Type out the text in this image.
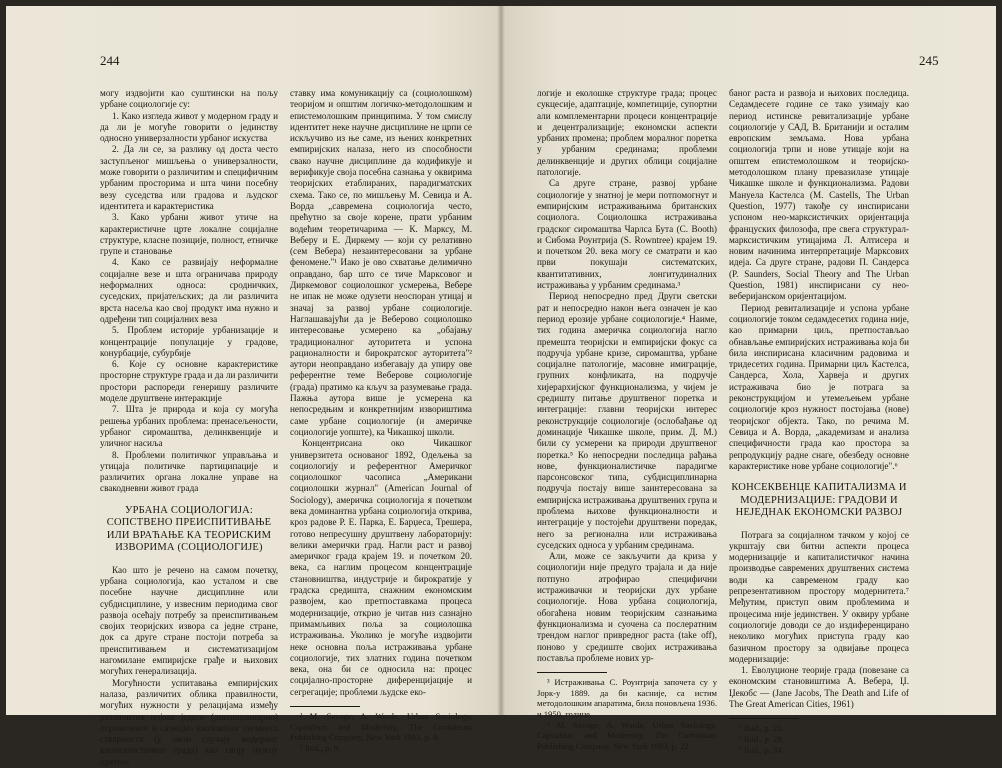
244

могу издвојити као суштински на пољу урбане социологије су:

1. Како изгледа живот у модерном граду и да ли је могуће говорити о јединству односно универзалности урбаног искуства

2. Да ли се, за разлику од доста често заступљеног мишљења о универзалности, може говорити о различитим и специфичним урбаним просторима и шта чини посебну везу суседства или градова и људског идентитета и карактеристика

3. Како урбани живот утиче на карактеристичне црте локалне социјалне структуре, класне позиције, полност, етничке групе и становање

4. Како се развијају неформалне социјалне везе и шта ограничава природу неформалних односа: сродничких, суседских, пријатељских; да ли различита врста насеља као свој продукт има нужно и одређени тип социјалних веза

5. Проблем историје урбанизације и концентрације популације у градове, конурбације, субурбије

6. Које су основне карактеристике просторне структуре града и да ли различити простори распореди генеришу различите моделе друштвене интеракције

7. Шта је природа и која су могућа решења урбаних проблема: пренасељености, урбаног сиромаштва, делинквенције и уличног насиља

8. Проблеми политичког управљања и утицаја политичке партиципације и различитих органа локалне управе на свакодневни живот града

УРБАНА СОЦИОЛОГИЈА: СОПСТВЕНО ПРЕИСПИТИВАЊЕ ИЛИ ВРАЋАЊЕ КА ТЕОРИСКИМ ИЗВОРИМА (СОЦИОЛОГИЈЕ)

Као што је речено на самом почетку, урбана социологија, као усталом и све посебне научне дисциплине или субдисциплине, у извесним периодима свог развоја осећају потребу за преиспитивањем својих теоријских извора са једне стране, док са друге стране постоји потреба за преиспитивањем и систематизацијом нагомилане емпиријске грађе и њихових могућих генерализација.

Могућности успитавања емпиријских налаза, различитих облика правилности, могућих нужности у релацијама између различитих појава једног (дисциплинарно) ограниченог и сазнајно изолованог сегмента стварности (у овом случају модерног капиталистичког града) као своју нужну претпо-

ставку има комуникацију са (социолошком) теоријом и општим логичко-методолошким и епистемолошким принципима. У том смислу идентитет неке научне дисциплине не црпи се искључиво из ње саме, из њених конкретних емпиријских налаза, него из способности свако научне дисциплине да кодификује и верификује своја посебна сазнања у оквирима теоријских етаблираних, парадигматских схема. Тако се, по мишљењу М. Севиџа и А. Ворда „савремена социологија често, прећутно за своје корене, прати урбаним водећим теоретичарима — К. Марксу, М. Веберу и Е. Диркему — који су релативно (сем Вебера) незаинтересовани за урбане феномене."¹ Иако је ово схватање делимично оправдано, бар што се тиче Марксовог и Диркемовог социолошког усмерења, Вебере не ипак не може одузети неоспоран утицај и значај за развој урбане социологије. Наглашавајући да је Веберово социолошко интересовање усмерено ка „обајању традиционалног ауторитета и успона рационалности и бирократског ауторитета"² аутори неоправдано избегавају да упиру ове референтне теме Веберове социологије (града) пратимо ка кључ за разумевање града. Пажња аутора више је усмерена ка непосредњим и конкретнијим извориштима саме урбане социологије (и америчке социологије уопште), ка Чикашкој школи.

Концентрисана око Чикашког универзитета основаног 1892, Одељења за социологију и референтног Америчког социолошког часописа „Американи социолошки журнал" (American Journal of Sociology), америчка социологија я почетком века доминантна урбана социологија открива, кроз радове Р. Е. Парка, Е. Барџеса, Трешера, готово непресушну друштвену лабораторију: велики амерички град. Нагли раст и развој америчког града крајем 19. и почетком 20. века, са наглим процесом концентрације становништва, индустрије и бирократије у градска средишта, снажним економским развојем, као претпоставкама процеса модернизације, открио је читав низ сазнајно примамљивих поља за социолошка истраживања. Уколико је могуће издвојити неке основна поља истраживања урбане социологије, тих златних година почетком века, она би се односила на: процес социјално-просторне диференцијације и сегрегације; проблеми људске еко-

¹ M. Savage, A. Warde, Urban Sociology, Capitalism and Modernity, The Continuum Publishing Company, New York 1993. p. 8.

² Ibid., p. 8.

245

логије и еколошке структуре града; процес сукцесије, адаптације, компетиције, супортни али комплементарни процеси концентрације и децентрализације; економски аспекти урбаних промена; проблем моралног поретка у урбаним срединама; проблеми делинквенције и других облици социјалне патологије.

Са друге стране, развој урбане социологије у знатној је мери потпомогнут и емпиријским истраживањима британских социолога. Социолошка истраживања градског сиромаштва Чарлса Бута (C. Booth) и Сибома Роунтрија (S. Rowntree) крајем 19. и почетком 20. века могу се сматрати и као први покушаји систематских, квантитативних, лонгитудиналних истраживања у урбаним срединама.³

Период непосредно пред Други светски рат и непосредно након њега означен је као период ерозије урбане социологије.⁴ Наиме, тих година америчка социологија нагло премешта теоријски и емпиријски фокус са подручја урбане кризе, сиромаштва, урбане социјалне патологије, масовне имиграције, групних конфликата, на подручје хијерархијског функционализма, у чијем је средишту питање друштвеног поретка и интеграције: главни теоријски интерес реконструкције социологије (ослобађање од доминације Чикашке школе, прим. Д. М.) били су усмерени ка природи друштвеног поретка.⁵ Ко непосредни последица рађања нове, функционалистичке парадигме парсонсовског типа, субдисциплинарна подручја постају више заинтересована за емпиријска истраживања друштвених група и проблема њихове функционалности и интеграције у постојећи друштвени поредак, него за регионална или истраживања суседских односа у урбаним срединама.

Али, може се закључити да криза у социологији није предуго трајала и да није потпуно атрофирао специфични истраживачки и теоријски дух урбане социологије. Нова урбана социологија, обогаћена новим теоријским сазнањима функционализма и суочена са послератним трендом наглог привредног раста (take off), поново у средиште својих истраживања поставља проблеме нових ур-

³ Истраживања С. Роунтрија започета су у Јорк-у 1889. да би касније, са истим методолошким апаратима, била поновљена 1936. и 1950. године.

⁴ M. Savage, A. Warde, Urban Sociology, Capitalism and Modernity, The Continuum Publishing Company, New York 1993, p. 22.

баног раста и развоја и њихових последица. Седамдесете године се тако узимају као период истинске ревитализације урбане социологије у САД, В. Британији и осталим европским земљама. Нова урбана социологија трпи и нове утицаје који на општем епистемолошком и теоријско-методолошком плану превазилазе утицаје Чикашке школе и функционализма. Радови Мануела Кастелса (M. Castells, The Urban Question, 1977) такође су инспирисани успоном нео-марксистичких оријентација француских филозофа, пре свега структурал-марксистичким утицајима Л. Алтисера и новим начинима интерпретације Марксових идеја. Са друге стране, радови П. Сандерса (P. Saunders, Social Theory and The Urban Question, 1981) инспирисани су нео-веберијанском оријентацијом.

Период ревитализације и успона урбане социологије током седамдесетих година није, као примарни циљ, претпостављао обнављање емпиријских истраживања која би била инспирисана класичним радовима и тридесетих година. Примарни циљ Кастелса, Сандерса, Хола, Харвеја и других истраживача био је потрага за реконструкцијом и утемељењем урбане социологије кроз нужност постојања (нове) теоријског објекта. Тако, по речима М. Севиџа и А. Ворда, „академизам и анализа специфичности града као простора за репродукцију радне снаге, обезбеду основне карактеристике нове урбане социологије".⁶

КОНСЕКВЕНЦЕ КАПИТАЛИЗМА И МОДЕРНИЗАЦИЈЕ: ГРАДОВИ И НЕЈЕДНАК ЕКОНОМСКИ РАЗВОЈ

Потрага за социјалном тачком у којој се укрштају сви битни аспекти процеса модернизације и капиталистичког начина производње савремених друштвених система води ка савременом граду као репрезентативном простору модернитета.⁷ Међутим, приступ овим проблемима и процесима није јединствен. У оквиру урбане социологије доводи се до издиференцирано неколико могућих приступа граду као базичном простору за одвијање процеса модернизације:

1. Еволуционе теорије града (повезане са економским становиштима А. Вебера, Џ. Џекобс — (Jane Jacobs, The Death and Life of The Great American Cities, 1961)

⁵ Ibid., p. 22.

⁶ Ibid., p. 29.

⁷ Ibid., p. 34.
